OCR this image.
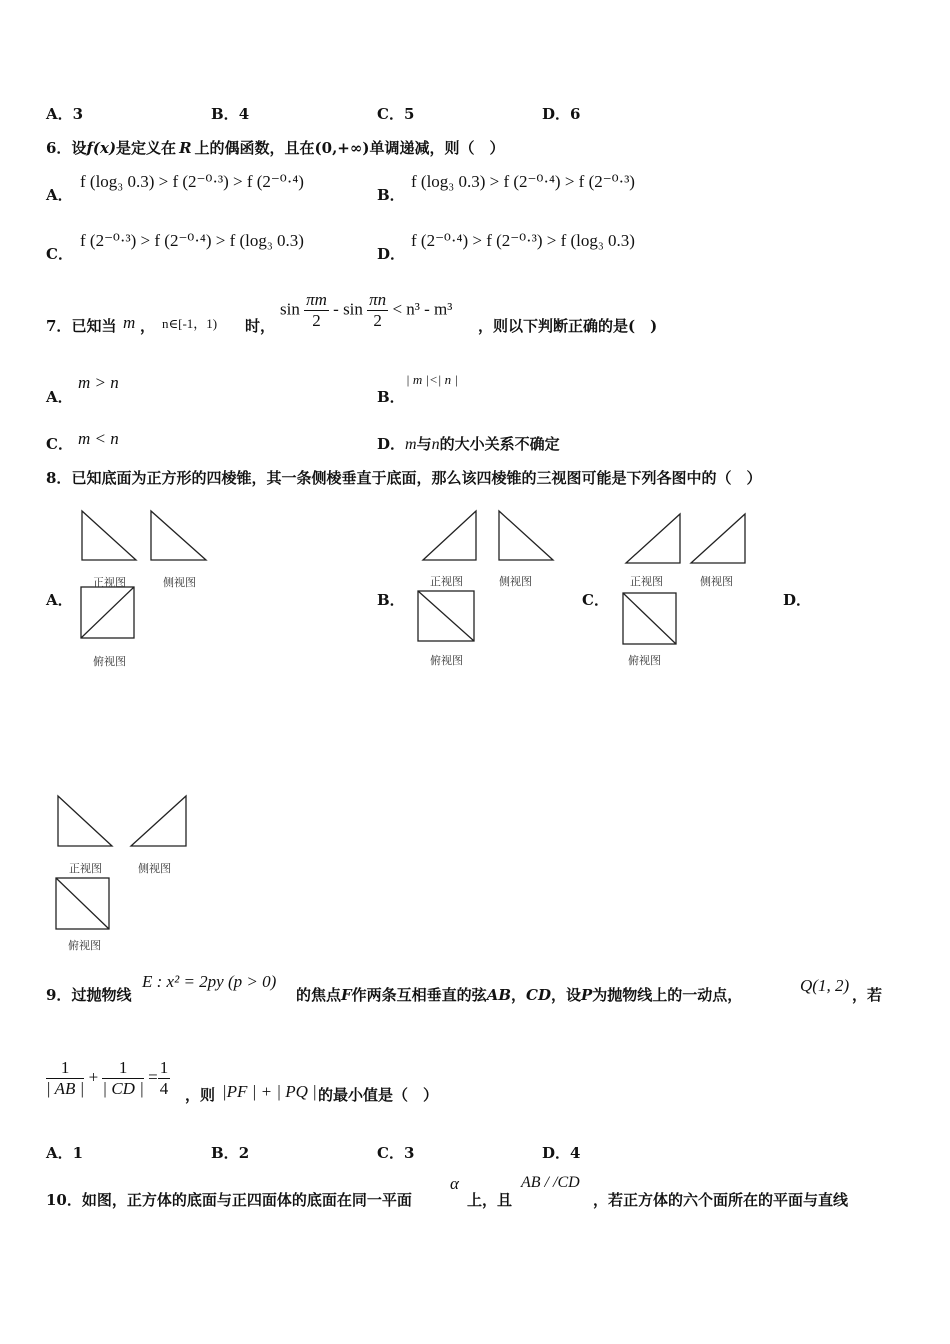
A．3	B．4	C．5	D．6
6．设f(x)是定义在 R 上的偶函数，且在(0,+∞)单调递减，则（　）
A．
f (log₃ 0.3) > f (2⁻⁰·³) > f (2⁻⁰·⁴)
B．
f (log₃ 0.3) > f (2⁻⁰·⁴) > f (2⁻⁰·³)
C．
f (2⁻⁰·³) > f (2⁻⁰·⁴) > f (log₃ 0.3)
D．
f (2⁻⁰·⁴) > f (2⁻⁰·³) > f (log₃ 0.3)
7．已知当 m ， n∈[-1，1) 时，
$\sin \frac{\pi m}{2} - \sin \frac{\pi n}{2} < n^3 - m^3$
，则以下判断正确的是(　)
A．
m > n
B．
| m |<| n |
C． m < n	D．m与n的大小关系不确定
8．已知底面为正方形的四棱锥，其一条侧棱垂直于底面，那么该四棱锥的三视图可能是下列各图中的（　）
正视图	侧视图
俯视图
正视图	侧视图
俯视图
正视图	侧视图
俯视图
正视图	侧视图
俯视图
A．	B．	C．	D．
9．过抛物线
E : x² = 2py (p > 0)
的焦点F作两条互相垂直的弦AB，CD，设P为抛物线上的一动点，	Q(1, 2) ，若
$\frac{1}{| AB |} + \frac{1}{| CD |} = \frac{1}{4}$ ，则 |PF | + | PQ | 的最小值是（　）
A．1	B．2	C．3	D．4
10．如图，正方体的底面与正四面体的底面在同一平面
α
上，且
AB / /CD
，若正方体的六个面所在的平面与直线
